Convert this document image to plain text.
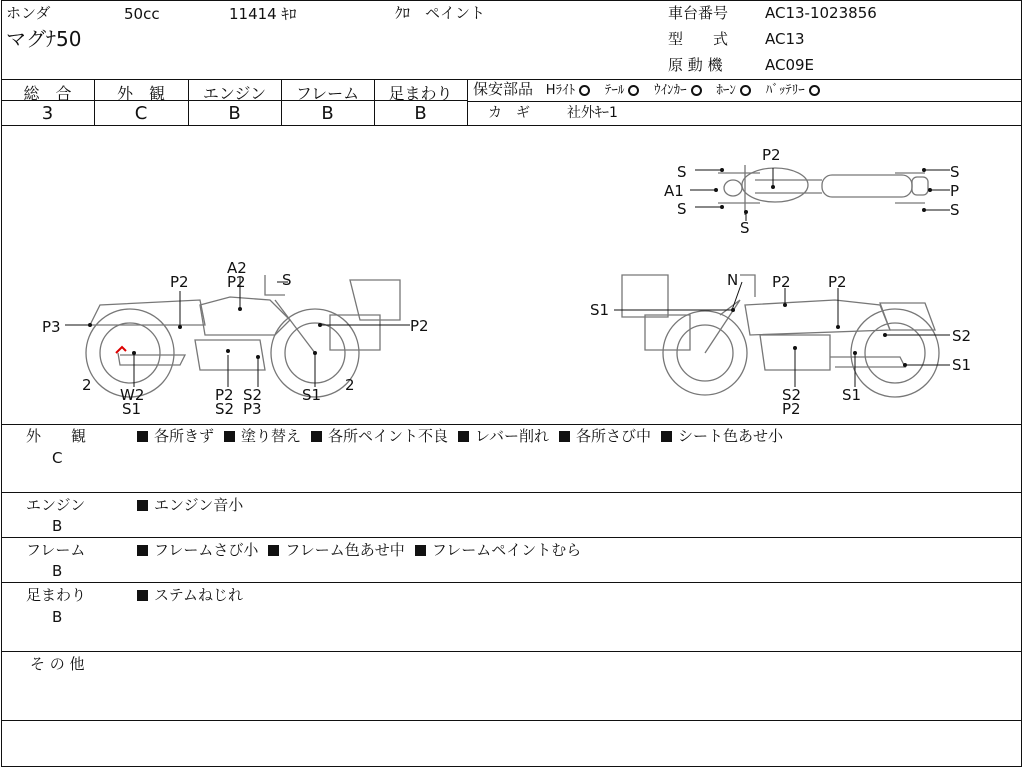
ホンダ	50cc	11414 ｷﾛ	ｸﾛ　ペイント
マグﾅ50
車台番号 AC13-1023856
型　　式 AC13
原 動 機	AC09E
総　合	外　観	エンジン	フレーム	足まわり
3	C	B	B	B
保安部品 Hﾗｲﾄ ﾃｰﾙ ｳｲﾝｶｰ ﾎｰﾝ ﾊﾞｯﾃﾘｰ
カ　ギ	社外ｷｰ1
P2
S
A1
S
S
S
P
S
A2
P2 S
P2
P3	P2
W2
S1
P2 S2
S2 P3
S1
2	2
N P2 P2
S1
S2
S1
S2
P2
S1
外　　観
C
各所きず 塗り替え 各所ペイント不良 レバー削れ 各所さび中 シート色あせ小
エンジン
B
エンジン音小
フレーム
B
フレームさび小 フレーム色あせ中 フレームペイントむら
足まわり
B
ステムねじれ
そ の 他
